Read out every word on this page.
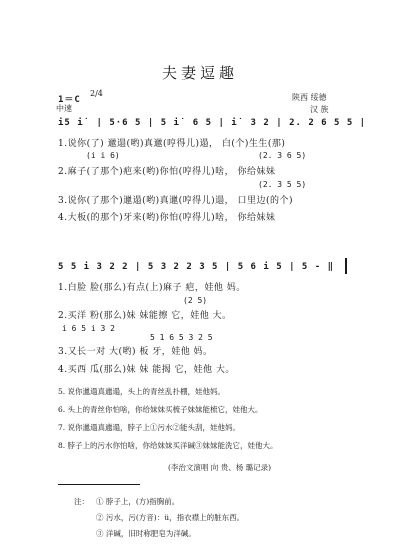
夫妻逗趣
1＝C
2/4
中速
陕西 绥德
汉 族
i5 i˙ | 5·6 5 | 5 i˙ 6 5 | i˙ 3 2 | 2. 2 6 5 5 |
1.说你(了) 邋遢(哟)真邋(哼得儿)遢， 白(个)生生(那)
(i i 6)	(2. 3 6 5)
2.麻子(了那个)疤来(哟)你怕(哼得儿)啥， 你给妹妹
(2. 3 5 5)
3.说你(了那个)邋遢(哟)真邋(哼得儿)遢， 口里边(的个)
4.大板(的那个)牙来(哟)你怕(哼得儿)啥， 你给妹妹
5 5 i 3 2 2 | 5 3 2 2 3 5 | 5 6 i 5 | 5 - ‖
1.白脸 脸(那么)有点(上)麻子 疤，娃他 妈。
(2 5)
2.买洋 粉(那么)妹 妹能擦 它，娃他 大。
i 6 5 i 3 2
5 1 6 5 3 2 5
3.又长一对 大(哟) 板 牙，娃他 妈。
4.买西 瓜(那么)妹 妹 能揭 它，娃他 大。
5. 说你邋遢真邋遢，头上的青丝乱扑棚，娃他妈。
6. 头上的青丝你怕啥，你给妹妹买梳子妹妹能梳它，娃他大。
7. 说你邋遢真邋遢，脖子上①污水②能头刮，娃他妈。
8. 脖子上的污水你怕啥，你给妹妹买洋碱③妹妹能洗它，娃他大。
(李治文演唱 向 贵、杨 璐记录)
注： ① 脖子上，(方)指胸前。
② 污水，污(方音)：ü，指衣襟上的脏东西。
③ 洋碱，旧时称肥皂为洋碱。
